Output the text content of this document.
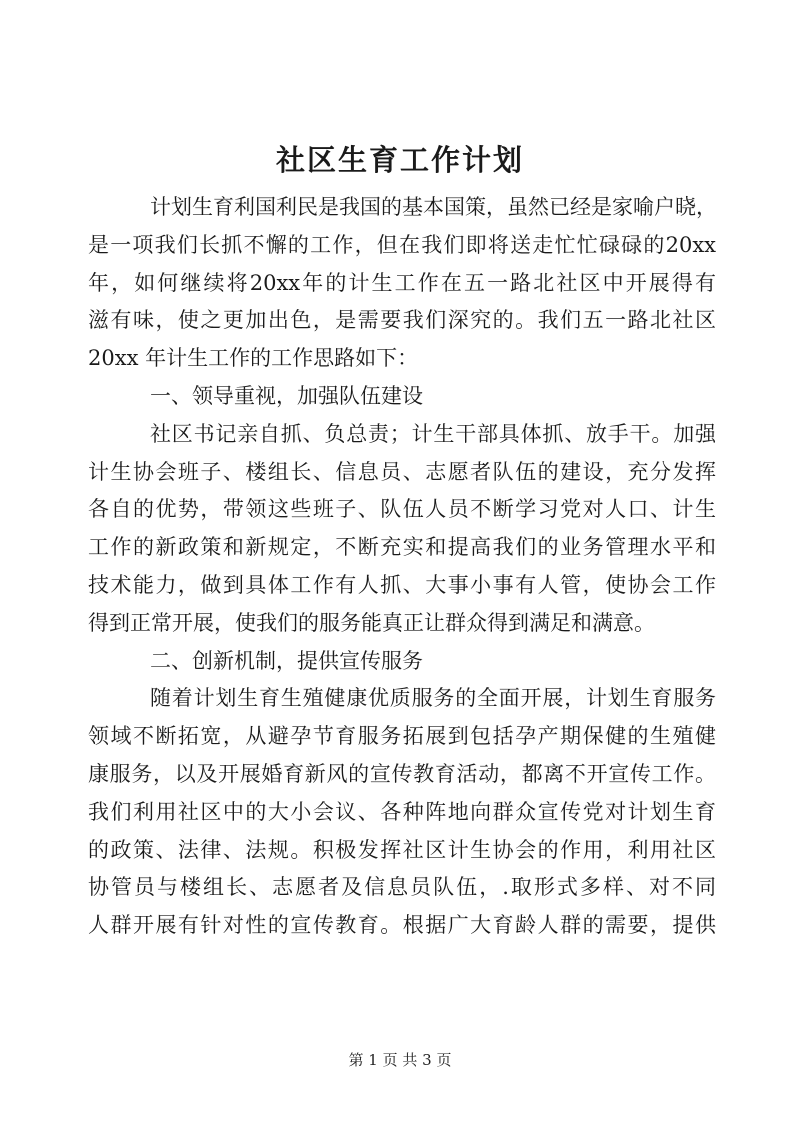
社区生育工作计划
计划生育利国利民是我国的基本国策，虽然已经是家喻户晓，
是一项我们长抓不懈的工作，但在我们即将送走忙忙碌碌的20xx
年，如何继续将20xx年的计生工作在五一路北社区中开展得有
滋有味，使之更加出色，是需要我们深究的。我们五一路北社区
20xx 年计生工作的工作思路如下：
一、领导重视，加强队伍建设
社区书记亲自抓、负总责；计生干部具体抓、放手干。加强
计生协会班子、楼组长、信息员、志愿者队伍的建设，充分发挥
各自的优势，带领这些班子、队伍人员不断学习党对人口、计生
工作的新政策和新规定，不断充实和提高我们的业务管理水平和
技术能力，做到具体工作有人抓、大事小事有人管，使协会工作
得到正常开展，使我们的服务能真正让群众得到满足和满意。
二、创新机制，提供宣传服务
随着计划生育生殖健康优质服务的全面开展，计划生育服务
领域不断拓宽，从避孕节育服务拓展到包括孕产期保健的生殖健
康服务，以及开展婚育新风的宣传教育活动，都离不开宣传工作。
我们利用社区中的大小会议、各种阵地向群众宣传党对计划生育
的政策、法律、法规。积极发挥社区计生协会的作用，利用社区
协管员与楼组长、志愿者及信息员队伍，.取形式多样、对不同
人群开展有针对性的宣传教育。根据广大育龄人群的需要，提供
第 1 页 共 3 页
